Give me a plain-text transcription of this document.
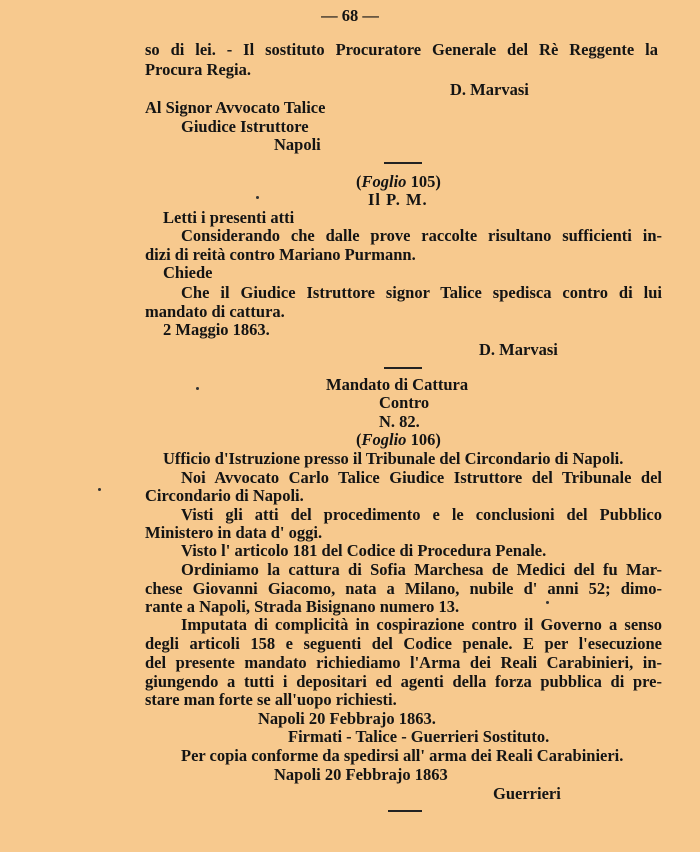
— 68 —
so di lei. - Il sostituto Procuratore Generale del Rè Reggente la
Procura Regia.
D. Marvasi
Al Signor Avvocato Talice
Giudice Istruttore
Napoli
(Foglio 105)
Il P. M.
Letti i presenti atti
Considerando che dalle prove raccolte risultano sufficienti in-
dizi di reità contro Mariano Purmann.
Chiede
Che il Giudice Istruttore signor Talice spedisca contro di lui
mandato di cattura.
2 Maggio 1863.
D. Marvasi
Mandato di Cattura
Contro
N. 82.
(Foglio 106)
Ufficio d'Istruzione presso il Tribunale del Circondario di Napoli.
Noi Avvocato Carlo Talice Giudice Istruttore del Tribunale del
Circondario di Napoli.
Visti gli atti del procedimento e le conclusioni del Pubblico
Ministero in data d' oggi.
Visto l' articolo 181 del Codice di Procedura Penale.
Ordiniamo la cattura di Sofia Marchesa de Medici del fu Mar-
chese Giovanni Giacomo, nata a Milano, nubile d' anni 52; dimo-
rante a Napoli, Strada Bisignano numero 13.
Imputata di complicità in cospirazione contro il Governo a senso
degli articoli 158 e seguenti del Codice penale. E per l'esecuzione
del presente mandato richiediamo l'Arma dei Reali Carabinieri, in-
giungendo a tutti i depositari ed agenti della forza pubblica di pre-
stare man forte se all'uopo richiesti.
Napoli 20 Febbrajo 1863.
Firmati - Talice - Guerrieri Sostituto.
Per copia conforme da spedirsi all' arma dei Reali Carabinieri.
Napoli 20 Febbrajo 1863
Guerrieri
